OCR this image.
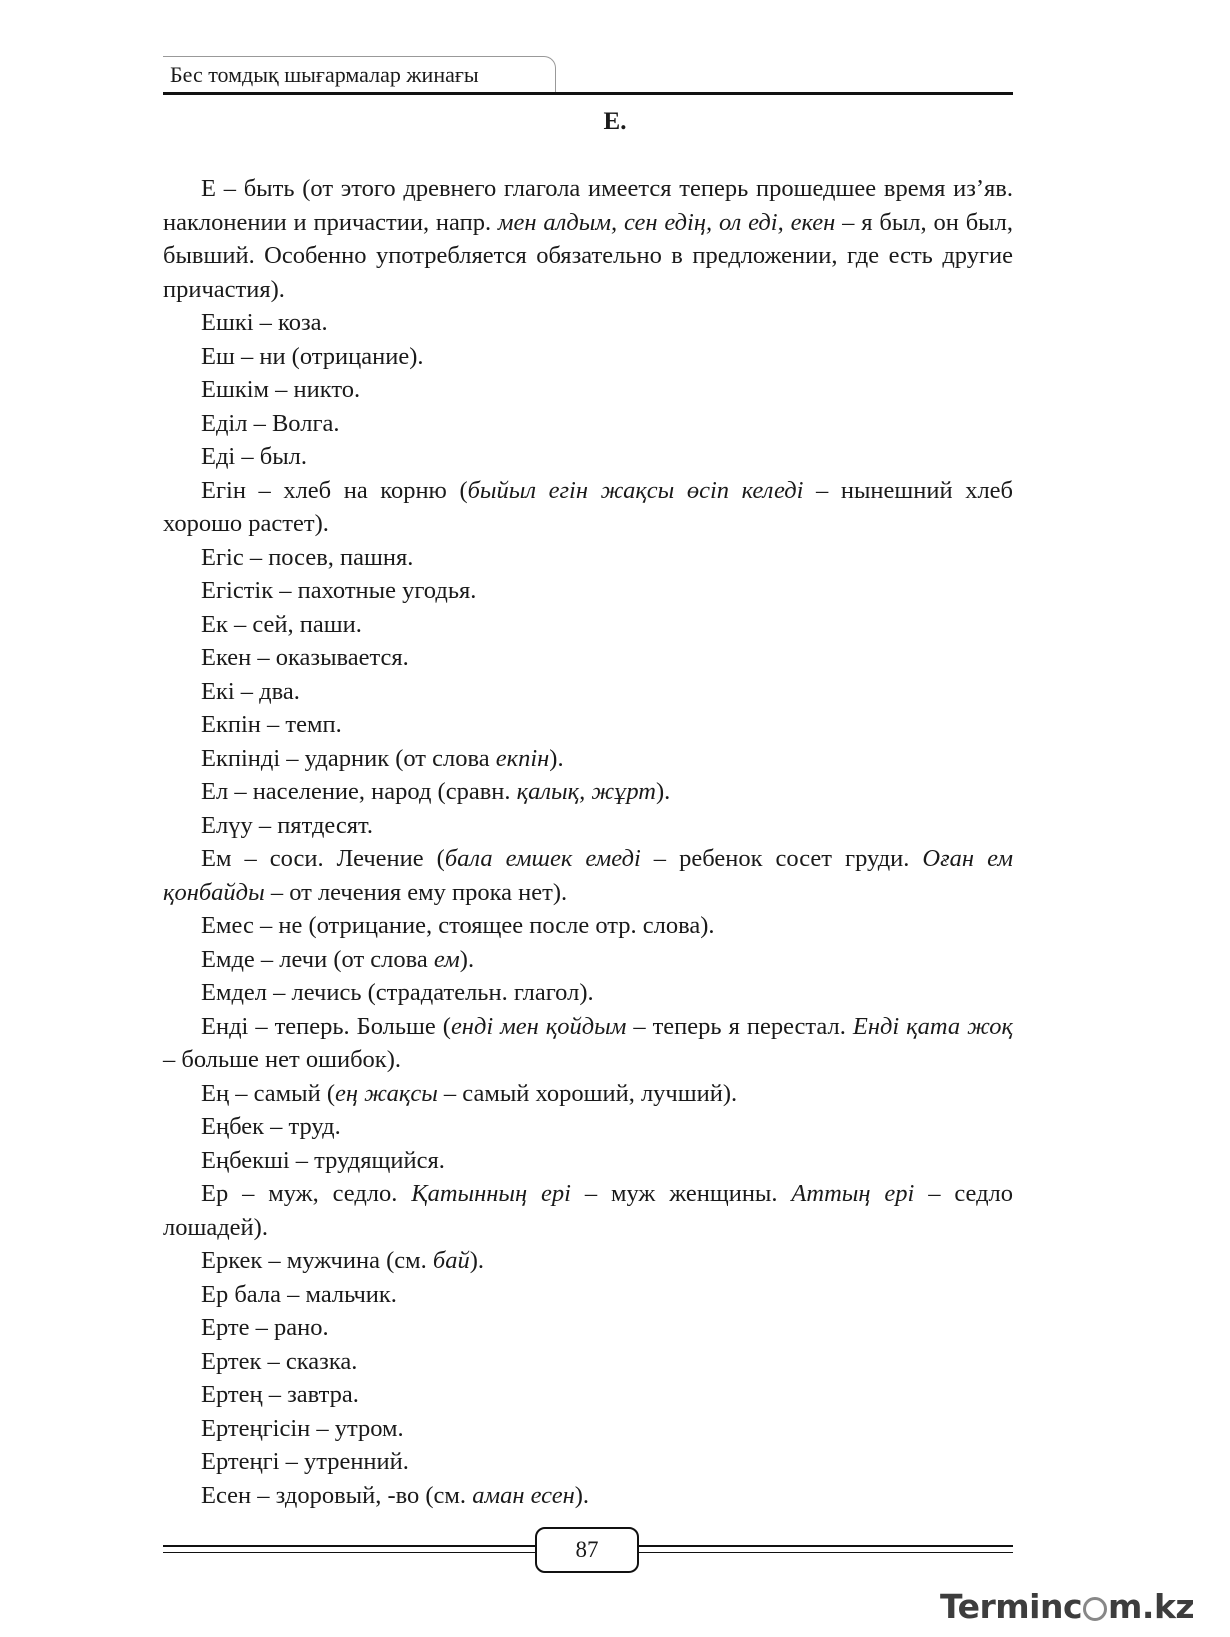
Бес томдық шығармалар жинағы
Е.

Е – быть (от этого древнего глагола имеется теперь прошедшее время из’яв. наклонении и причастии, напр. мен алдым, сен едің, ол еді, екен – я был, он был, бывший. Особенно употребляется обязательно в предложении, где есть другие причастия).

Ешкі – коза.

Еш – ни (отрицание).

Ешкім – никто.

Еділ – Волга.

Еді – был.

Егін – хлеб на корню (быйыл егін жақсы өсіп келеді – нынешний хлеб хорошо растет).

Егіс – посев, пашня.

Егістік – пахотные угодья.

Ек – сей, паши.

Екен – оказывается.

Екі – два.

Екпін – темп.

Екпінді – ударник (от слова екпін).

Ел – население, народ (сравн. қалық, жұрт).

Елүу – пятдесят.

Ем – соси. Лечение (бала емшек емеді – ребенок сосет груди. Оған ем қонбайды – от лечения ему прока нет).

Емес – не (отрицание, стоящее после отр. слова).

Емде – лечи (от слова ем).

Емдел – лечись (страдательн. глагол).

Енді – теперь. Больше (енді мен қойдым – теперь я перестал. Енді қата жоқ – больше нет ошибок).

Ең – самый (ең жақсы – самый хороший, лучший).

Еңбек – труд.

Еңбекші – трудящийся.

Ер – муж, седло. Қатынның ері – муж женщины. Аттың ері – седло лошадей).

Еркек – мужчина (см. бай).

Ер бала – мальчик.

Ерте – рано.

Ертек – сказка.

Ертең – завтра.

Ертеңгісін – утром.

Ертеңгі – утренний.

Есен – здоровый, -во (см. аман есен).

87
Terminc m.kz
